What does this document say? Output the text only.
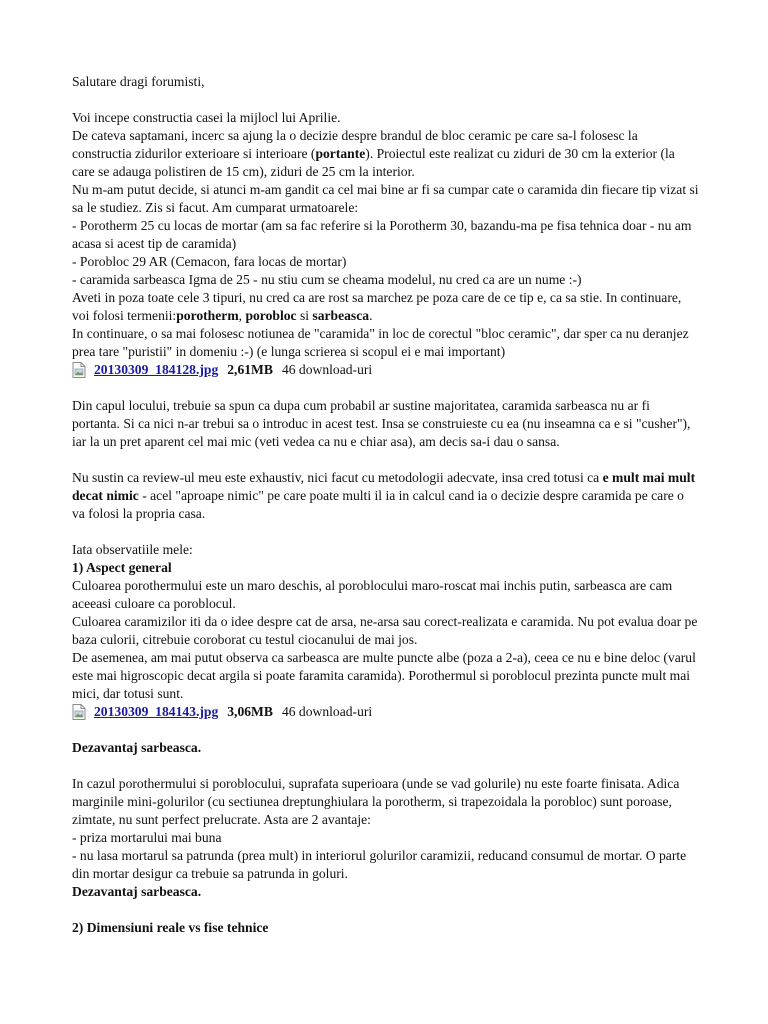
Salutare dragi forumisti,

Voi incepe constructia casei la mijlocl lui Aprilie.

De cateva saptamani, incerc sa ajung la o decizie despre brandul de bloc ceramic pe care sa-l folosesc la constructia zidurilor exterioare si interioare (portante). Proiectul este realizat cu ziduri de 30 cm la exterior (la care se adauga polistiren de 15 cm), ziduri de 25 cm la interior.

Nu m-am putut decide, si atunci m-am gandit ca cel mai bine ar fi sa cumpar cate o caramida din fiecare tip vizat si sa le studiez. Zis si facut. Am cumparat urmatoarele:

- Porotherm 25 cu locas de mortar (am sa fac referire si la Porotherm 30, bazandu-ma pe fisa tehnica doar - nu am acasa si acest tip de caramida)

- Porobloc 29 AR (Cemacon, fara locas de mortar)

- caramida sarbeasca Igma de 25 - nu stiu cum se cheama modelul, nu cred ca are un nume :-)

Aveti in poza toate cele 3 tipuri, nu cred ca are rost sa marchez pe poza care de ce tip e, ca sa stie. In continuare, voi folosi termenii:porotherm, porobloc si sarbeasca.

In continuare, o sa mai folosesc notiunea de "caramida" in loc de corectul "bloc ceramic", dar sper ca nu deranjez prea tare "puristii" in domeniu :-) (e lunga scrierea si scopul ei e mai important)

20130309_184128.jpg 2,61MB 46 download-uri

Din capul locului, trebuie sa spun ca dupa cum probabil ar sustine majoritatea, caramida sarbeasca nu ar fi portanta. Si ca nici n-ar trebui sa o introduc in acest test. Insa se construieste cu ea (nu inseamna ca e si "cusher"), iar la un pret aparent cel mai mic (veti vedea ca nu e chiar asa), am decis sa-i dau o sansa.

Nu sustin ca review-ul meu este exhaustiv, nici facut cu metodologii adecvate, insa cred totusi ca e mult mai mult decat nimic - acel "aproape nimic" pe care poate multi il ia in calcul cand ia o decizie despre caramida pe care o va folosi la propria casa.

Iata observatiile mele:

1) Aspect general

Culoarea porothermului este un maro deschis, al poroblocului maro-roscat mai inchis putin, sarbeasca are cam aceeasi culoare ca poroblocul.

Culoarea caramizilor iti da o idee despre cat de arsa, ne-arsa sau corect-realizata e caramida. Nu pot evalua doar pe baza culorii, citrebuie coroborat cu testul ciocanului de mai jos.

De asemenea, am mai putut observa ca sarbeasca are multe puncte albe (poza a 2-a), ceea ce nu e bine deloc (varul este mai higroscopic decat argila si poate faramita caramida). Porothermul si poroblocul prezinta puncte mult mai mici, dar totusi sunt.

20130309_184143.jpg 3,06MB 46 download-uri

Dezavantaj sarbeasca.

In cazul porothermului si poroblocului, suprafata superioara (unde se vad golurile) nu este foarte finisata. Adica marginile mini-golurilor (cu sectiunea dreptunghiulara la porotherm, si trapezoidala la porobloc) sunt poroase, zimtate, nu sunt perfect prelucrate. Asta are 2 avantaje:

- priza mortarului mai buna

- nu lasa mortarul sa patrunda (prea mult) in interiorul golurilor caramizii, reducand consumul de mortar. O parte din mortar desigur ca trebuie sa patrunda in goluri.

Dezavantaj sarbeasca.

2) Dimensiuni reale vs fise tehnice
